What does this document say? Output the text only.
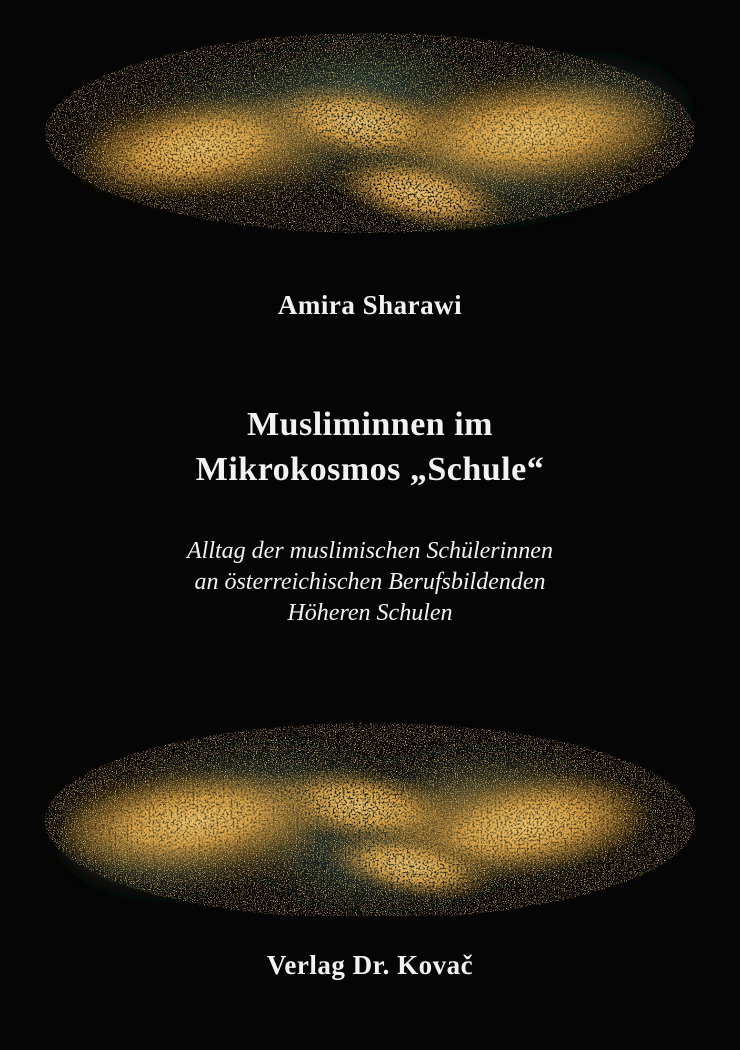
Amira Sharawi
Musliminnen im
Mikrokosmos „Schule“
Alltag der muslimischen Schülerinnen
an österreichischen Berufsbildenden
Höheren Schulen
Verlag Dr. Kovač
